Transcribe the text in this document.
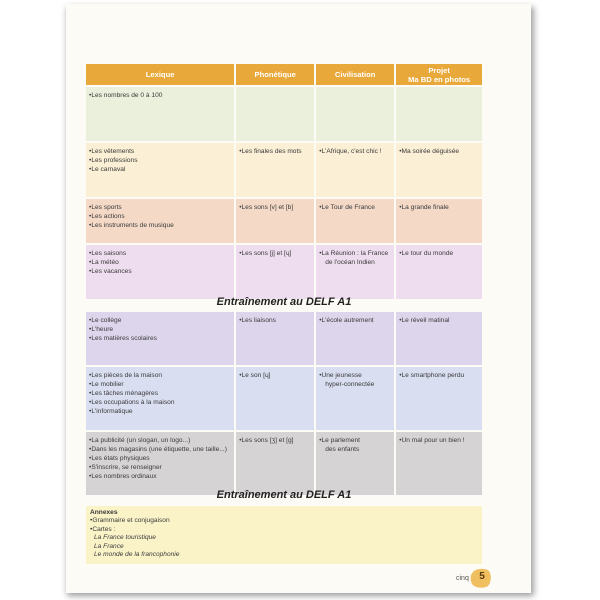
Lexique	Phonétique	Civilisation	Projet
Ma BD en photos

• Les nombres de 0 à 100

• Les vêtements
• Les professions
• Le carnaval	• Les finales des mots	• L'Afrique, c'est chic !	• Ma soirée déguisée

• Les sports
• Les actions
• Les instruments de musique	• Les sons [v] et [b]	• Le Tour de France	• La grande finale

• Les saisons
• La météo
• Les vacances	• Les sons [j] et [ɥ]	• La Réunion : la France
de l'océan Indien	• Le tour du monde
Entraînement au DELF A1
• Le collège
• L'heure
• Les matières scolaires	• Les liaisons	• L'école autrement	• Le réveil matinal

• Les pièces de la maison
• Le mobilier
• Les tâches ménagères
• Les occupations à la maison
• L'informatique	• Le son [ɥ]	• Une jeunesse
hyper-connectée	• Le smartphone perdu

• La publicité (un slogan, un logo...)
• Dans les magasins (une étiquette, une taille...)
• Les états physiques
• S'inscrire, se renseigner
• Les nombres ordinaux	• Les sons [ʒ] et [g]	• Le parlement
des enfants	• Un mal pour un bien !
Entraînement au DELF A1
Annexes
• Grammaire et conjugaison
• Cartes :
La France touristique
La France
Le monde de la francophonie
cinq	5
